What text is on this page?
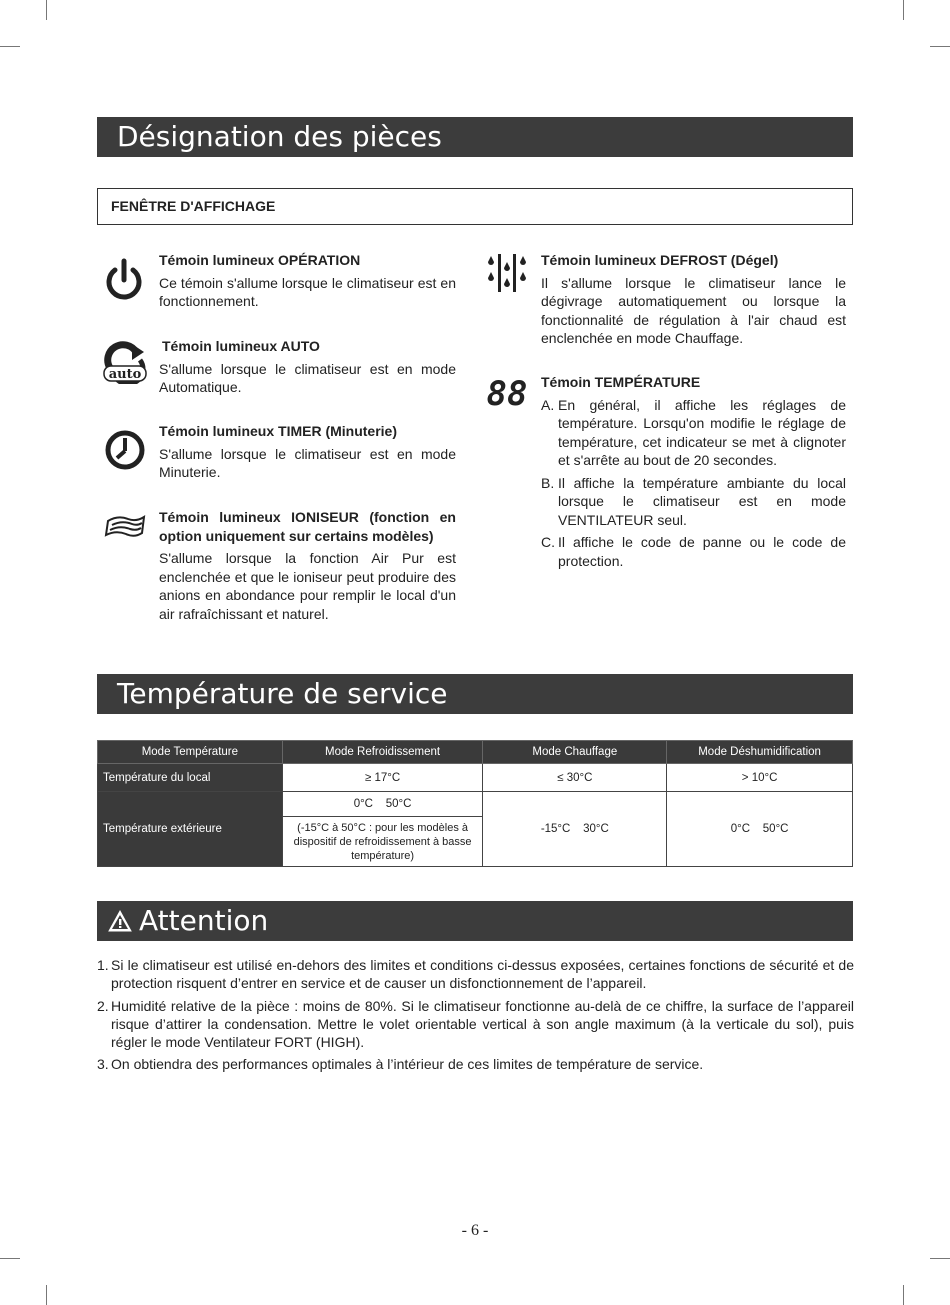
Désignation des pièces
FENÊTRE D'AFFICHAGE
auto
Témoin lumineux OPÉRATION
Ce témoin s'allume lorsque le climatiseur est en fonctionnement.
Témoin lumineux AUTO
S'allume lorsque le climatiseur est en mode Automatique.
Témoin lumineux TIMER (Minuterie)
S'allume lorsque le climatiseur est en mode Minuterie.
Témoin lumineux IONISEUR (fonction en option uniquement sur certains modèles)
S'allume lorsque la fonction Air Pur est enclenchée et que le ioniseur peut produire des anions en abondance pour remplir le local d'un air rafraîchissant et naturel.
88
Témoin lumineux DEFROST (Dégel)
Il s'allume lorsque le climatiseur lance le dégivrage automatiquement ou lorsque la fonctionnalité de régulation à l'air chaud est enclenchée en mode Chauffage.
Témoin TEMPÉRATURE
A. En général, il affiche les réglages de température. Lorsqu'on modifie le réglage de température, cet indicateur se met à clignoter et s'arrête au bout de 20 secondes.
B. Il affiche la température ambiante du local lorsque le climatiseur est en mode VENTILATEUR seul.
C. Il affiche le code de panne ou le code de protection.
Température de service
Mode Température	Mode Refroidissement	Mode Chauffage	Mode Déshumidification
Température du local	≥ 17°C	≤ 30°C	> 10°C
Température extérieure	0°C    50°C	-15°C    30°C	0°C    50°C
	(-15°C à 50°C : pour les modèles à dispositif de refroidissement à basse température)		
Attention
1. Si le climatiseur est utilisé en-dehors des limites et conditions ci-dessus exposées, certaines fonctions de sécurité et de protection risquent d’entrer en service et de causer un disfonctionnement de l’appareil.
2. Humidité relative de la pièce : moins de 80%. Si le climatiseur fonctionne au-delà de ce chiffre, la surface de l’appareil risque d’attirer la condensation. Mettre le volet orientable vertical à son angle maximum (à la verticale du sol), puis régler le mode Ventilateur FORT (HIGH).
3. On obtiendra des performances optimales à l’intérieur de ces limites de température de service.
- 6 -
